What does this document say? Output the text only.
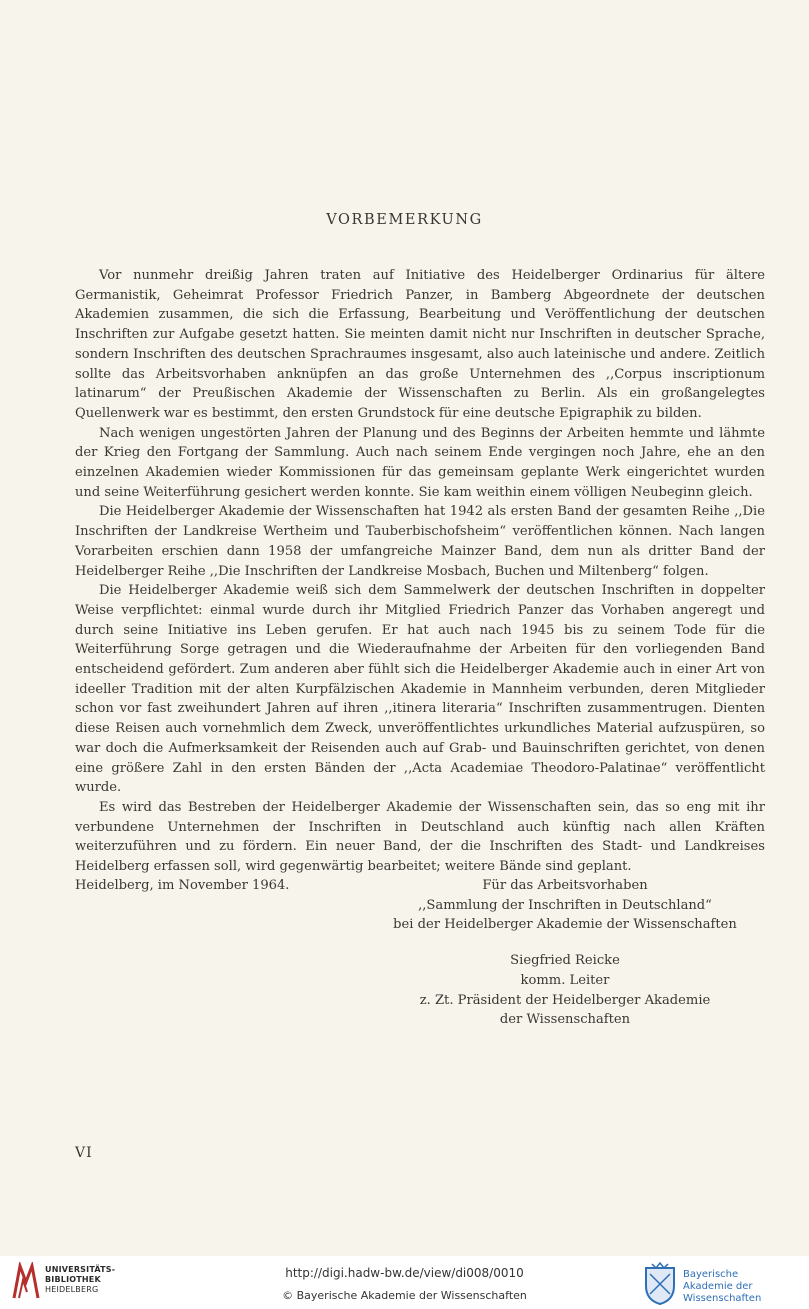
VORBEMERKUNG

Vor nunmehr dreißig Jahren traten auf Initiative des Heidelberger Ordinarius für ältere Germanistik, Geheimrat Professor Friedrich Panzer, in Bamberg Abgeordnete der deutschen Akademien zusammen, die sich die Erfassung, Bearbeitung und Veröffentlichung der deutschen Inschriften zur Aufgabe gesetzt hatten. Sie meinten damit nicht nur Inschriften in deutscher Sprache, sondern Inschriften des deutschen Sprachraumes insgesamt, also auch lateinische und andere. Zeitlich sollte das Arbeitsvorhaben anknüpfen an das große Unternehmen des ,,Corpus inscriptionum latinarum“ der Preußischen Akademie der Wissenschaften zu Berlin. Als ein großangelegtes Quellenwerk war es bestimmt, den ersten Grundstock für eine deutsche Epigraphik zu bilden.

Nach wenigen ungestörten Jahren der Planung und des Beginns der Arbeiten hemmte und lähmte der Krieg den Fortgang der Sammlung. Auch nach seinem Ende vergingen noch Jahre, ehe an den einzelnen Akademien wieder Kommissionen für das gemeinsam geplante Werk eingerichtet wurden und seine Weiterführung gesichert werden konnte. Sie kam weithin einem völligen Neubeginn gleich.

Die Heidelberger Akademie der Wissenschaften hat 1942 als ersten Band der gesamten Reihe ,,Die Inschriften der Landkreise Wertheim und Tauberbischofsheim“ veröffentlichen können. Nach langen Vorarbeiten erschien dann 1958 der umfangreiche Mainzer Band, dem nun als dritter Band der Heidelberger Reihe ,,Die Inschriften der Landkreise Mosbach, Buchen und Miltenberg“ folgen.

Die Heidelberger Akademie weiß sich dem Sammelwerk der deutschen Inschriften in doppelter Weise verpflichtet: einmal wurde durch ihr Mitglied Friedrich Panzer das Vorhaben angeregt und durch seine Initiative ins Leben gerufen. Er hat auch nach 1945 bis zu seinem Tode für die Weiterführung Sorge getragen und die Wiederaufnahme der Arbeiten für den vorliegenden Band entscheidend gefördert. Zum anderen aber fühlt sich die Heidelberger Akademie auch in einer Art von ideeller Tradition mit der alten Kurpfälzischen Akademie in Mannheim verbunden, deren Mitglieder schon vor fast zweihundert Jahren auf ihren ,,itinera literaria“ Inschriften zusammentrugen. Dienten diese Reisen auch vornehmlich dem Zweck, unveröffentlichtes urkundliches Material aufzuspüren, so war doch die Aufmerksamkeit der Reisenden auch auf Grab- und Bauinschriften gerichtet, von denen eine größere Zahl in den ersten Bänden der ,,Acta Academiae Theodoro-Palatinae“ veröffentlicht wurde.

Es wird das Bestreben der Heidelberger Akademie der Wissenschaften sein, das so eng mit ihr verbundene Unternehmen der Inschriften in Deutschland auch künftig nach allen Kräften weiterzuführen und zu fördern. Ein neuer Band, der die Inschriften des Stadt- und Landkreises Heidelberg erfassen soll, wird gegenwärtig bearbeitet; weitere Bände sind geplant.

Heidelberg, im November 1964.	Für das Arbeitsvorhaben
,,Sammlung der Inschriften in Deutschland“
bei der Heidelberger Akademie der Wissenschaften
Siegfried Reicke
komm. Leiter
z. Zt. Präsident der Heidelberger Akademie
der Wissenschaften
VI
UNIVERSITÄTS-
BIBLIOTHEK
HEIDELBERG
http://digi.hadw-bw.de/view/di008/0010
© Bayerische Akademie der Wissenschaften
Bayerische
Akademie der Wissenschaften
